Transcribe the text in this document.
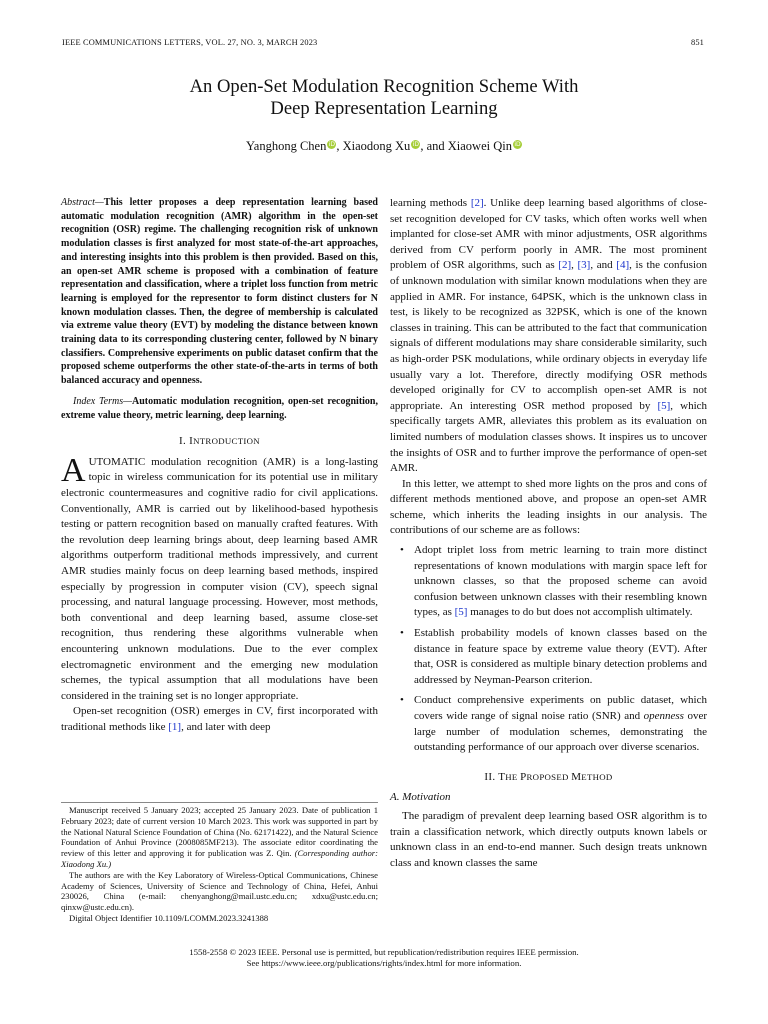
IEEE COMMUNICATIONS LETTERS, VOL. 27, NO. 3, MARCH 2023	851
An Open-Set Modulation Recognition Scheme With
Deep Representation Learning
Yanghong Chen iD, Xiaodong Xu iD, and Xiaowei Qin iD

Abstract—This letter proposes a deep representation learning based automatic modulation recognition (AMR) algorithm in the open-set recognition (OSR) regime. The challenging recognition risk of unknown modulation classes is first analyzed for most state-of-the-art approaches, and interesting insights into this problem is then provided. Based on this, an open-set AMR scheme is proposed with a combination of feature representation and classification, where a triplet loss function from metric learning is employed for the representor to form distinct clusters for N known modulation classes. Then, the degree of membership is calculated via extreme value theory (EVT) by modeling the distance between known training data to its corresponding clustering center, followed by N binary classifiers. Comprehensive experiments on public dataset confirm that the proposed scheme outperforms the other state-of-the-arts in terms of both balanced accuracy and openness.

Index Terms—Automatic modulation recognition, open-set recognition, extreme value theory, metric learning, deep learning.

I. INTRODUCTION

AUTOMATIC modulation recognition (AMR) is a long-lasting topic in wireless communication for its potential use in military electronic countermeasures and cognitive radio for civil applications. Conventionally, AMR is carried out by likelihood-based hypothesis testing or pattern recognition based on manually crafted features. With the revolution deep learning brings about, deep learning based AMR algorithms outperform traditional methods impressively, and current AMR studies mainly focus on deep learning based methods, inspired especially by progression in computer vision (CV), speech signal processing, and natural language processing. However, most methods, both conventional and deep learning based, assume close-set recognition, thus rendering these algorithms vulnerable when encountering unknown modulations. Due to the ever complex electromagnetic environment and the emerging new modulation schemes, the typical assumption that all modulations have been considered in the training set is no longer appropriate.

Open-set recognition (OSR) emerges in CV, first incorporated with traditional methods like [1], and later with deep

Manuscript received 5 January 2023; accepted 25 January 2023. Date of publication 1 February 2023; date of current version 10 March 2023. This work was supported in part by the National Natural Science Foundation of China (No. 62171422), and the Natural Science Foundation of Anhui Province (2008085MF213). The associate editor coordinating the review of this letter and approving it for publication was Z. Qin. (Corresponding author: Xiaodong Xu.)

The authors are with the Key Laboratory of Wireless-Optical Communications, Chinese Academy of Sciences, University of Science and Technology of China, Hefei, Anhui 230026, China (e-mail: chenyanghong@mail.ustc.edu.cn; xdxu@ustc.edu.cn; qinxw@ustc.edu.cn).

Digital Object Identifier 10.1109/LCOMM.2023.3241388

learning methods [2]. Unlike deep learning based algorithms of close-set recognition developed for CV tasks, which often works well when implanted for close-set AMR with minor adjustments, OSR algorithms derived from CV perform poorly in AMR. The most prominent problem of OSR algorithms, such as [2], [3], and [4], is the confusion of unknown modulation with similar known modulations when they are applied in AMR. For instance, 64PSK, which is the unknown class in test, is likely to be recognized as 32PSK, which is one of the known classes in training. This can be attributed to the fact that communication signals of different modulations may share considerable similarity, such as high-order PSK modulations, while ordinary objects in everyday life usually vary a lot. Therefore, directly modifying OSR methods developed originally for CV to accomplish open-set AMR is not appropriate. An interesting OSR method proposed by [5], which specifically targets AMR, alleviates this problem as its evaluation on limited numbers of modulation classes shows. It inspires us to uncover the insights of OSR and to further improve the performance of open-set AMR.

In this letter, we attempt to shed more lights on the pros and cons of different methods mentioned above, and propose an open-set AMR scheme, which inherits the leading insights in our analysis. The contributions of our scheme are as follows:

• Adopt triplet loss from metric learning to train more distinct representations of known modulations with margin space left for unknown classes, so that the proposed scheme can avoid confusion between unknown classes with their resembling known types, as [5] manages to do but does not accomplish ultimately.
• Establish probability models of known classes based on the distance in feature space by extreme value theory (EVT). After that, OSR is considered as multiple binary detection problems and addressed by Neyman-Pearson criterion.
• Conduct comprehensive experiments on public dataset, which covers wide range of signal noise ratio (SNR) and openness over large number of modulation schemes, demonstrating the outstanding performance of our approach over diverse scenarios.
II. THE PROPOSED METHOD

A. Motivation

The paradigm of prevalent deep learning based OSR algorithm is to train a classification network, which directly outputs known labels or unknown class in an end-to-end manner. Such design treats unknown class and known classes the same

1558-2558 © 2023 IEEE. Personal use is permitted, but republication/redistribution requires IEEE permission.
See https://www.ieee.org/publications/rights/index.html for more information.
